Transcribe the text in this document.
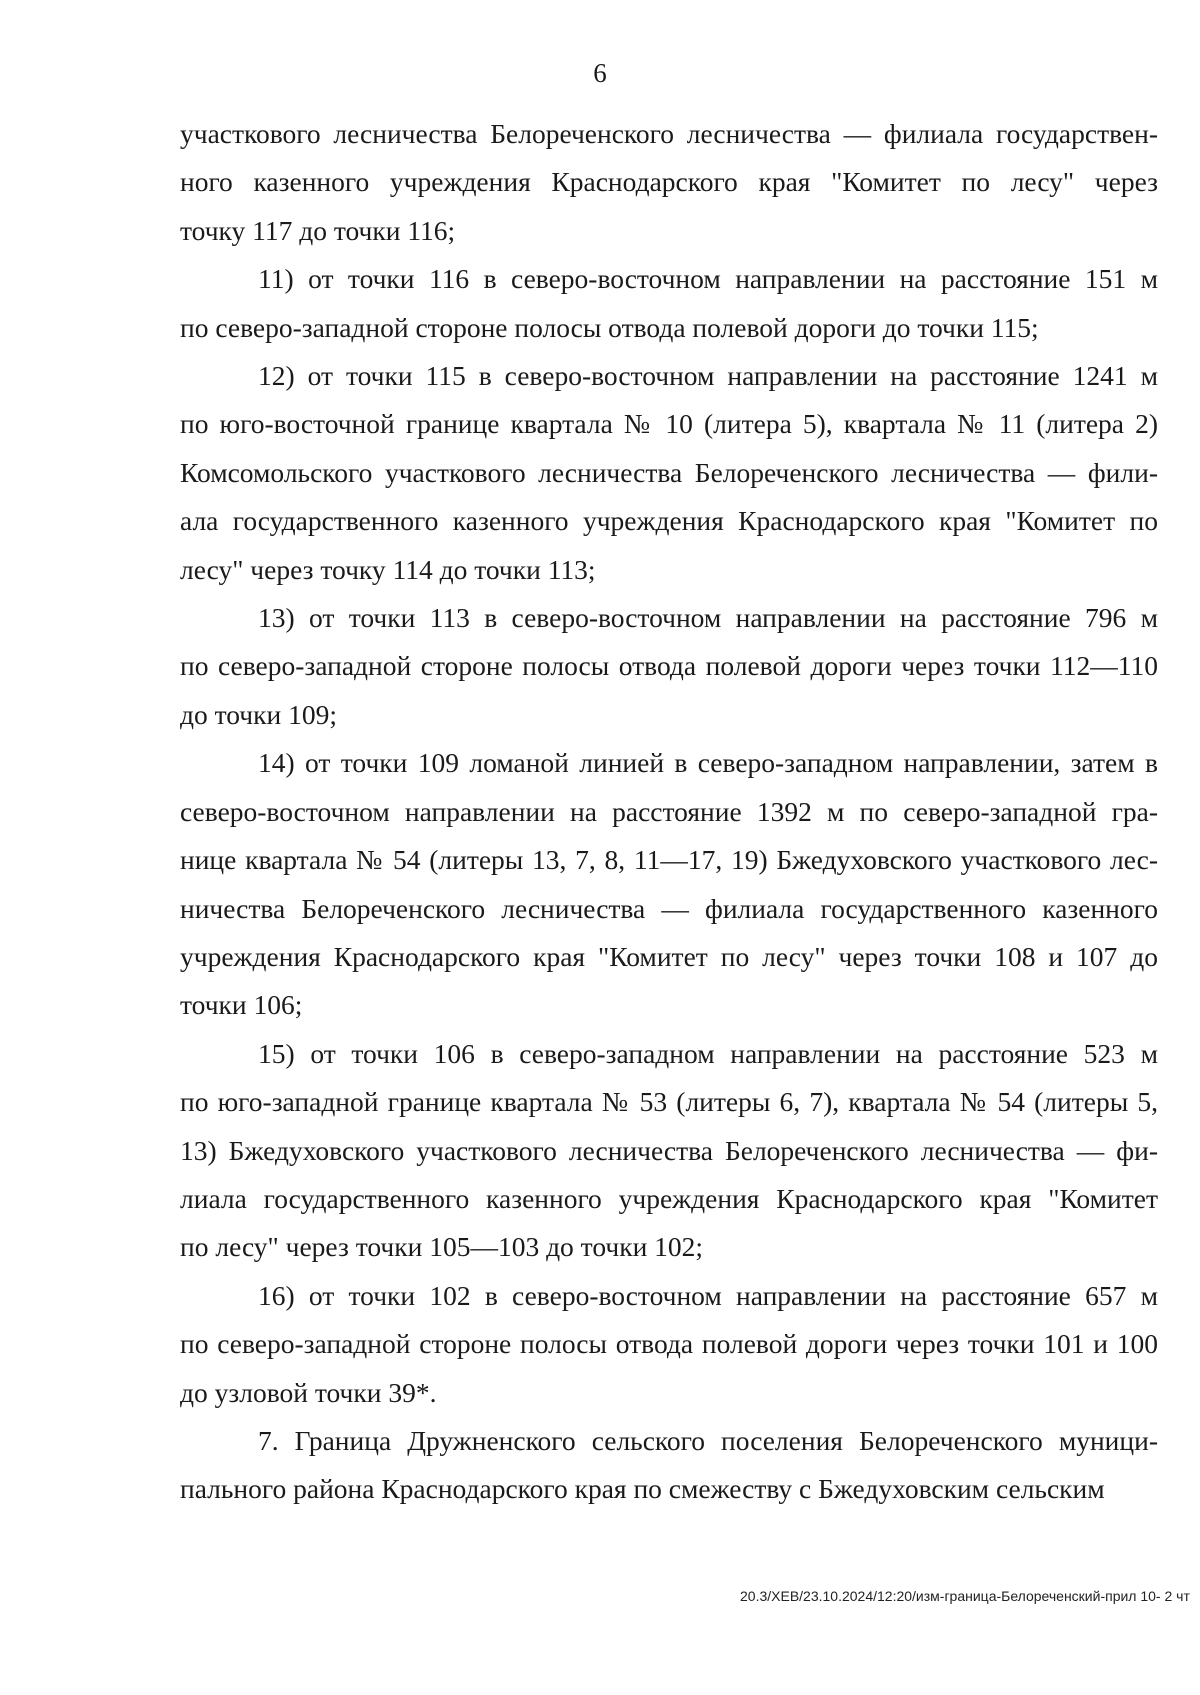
6

участкового лесничества Белореченского лесничества — филиала государствен-
ного казенного учреждения Краснодарского края "Комитет по лесу" через
точку 117 до точки 116;

11) от точки 116 в северо-восточном направлении на расстояние 151 м
по северо-западной стороне полосы отвода полевой дороги до точки 115;

12) от точки 115 в северо-восточном направлении на расстояние 1241 м
по юго-восточной границе квартала № 10 (литера 5), квартала № 11 (литера 2)
Комсомольского участкового лесничества Белореченского лесничества — фили-
ала государственного казенного учреждения Краснодарского края "Комитет по
лесу" через точку 114 до точки 113;

13) от точки 113 в северо-восточном направлении на расстояние 796 м
по северо-западной стороне полосы отвода полевой дороги через точки 112—110
до точки 109;

14) от точки 109 ломаной линией в северо-западном направлении, затем в
северо-восточном направлении на расстояние 1392 м по северо-западной гра-
нице квартала № 54 (литеры 13, 7, 8, 11—17, 19) Бжедуховского участкового лес-
ничества Белореченского лесничества — филиала государственного казенного
учреждения Краснодарского края "Комитет по лесу" через точки 108 и 107 до
точки 106;

15) от точки 106 в северо-западном направлении на расстояние 523 м
по юго-западной границе квартала № 53 (литеры 6, 7), квартала № 54 (литеры 5,
13) Бжедуховского участкового лесничества Белореченского лесничества — фи-
лиала государственного казенного учреждения Краснодарского края "Комитет
по лесу" через точки 105—103 до точки 102;

16) от точки 102 в северо-восточном направлении на расстояние 657 м
по северо-западной стороне полосы отвода полевой дороги через точки 101 и 100
до узловой точки 39*.

7. Граница Дружненского сельского поселения Белореченского муници-
пального района Краснодарского края по смежеству с Бжедуховским сельским

20.3/ХЕВ/23.10.2024/12:20/изм-граница-Белореченский-прил 10- 2 чт
